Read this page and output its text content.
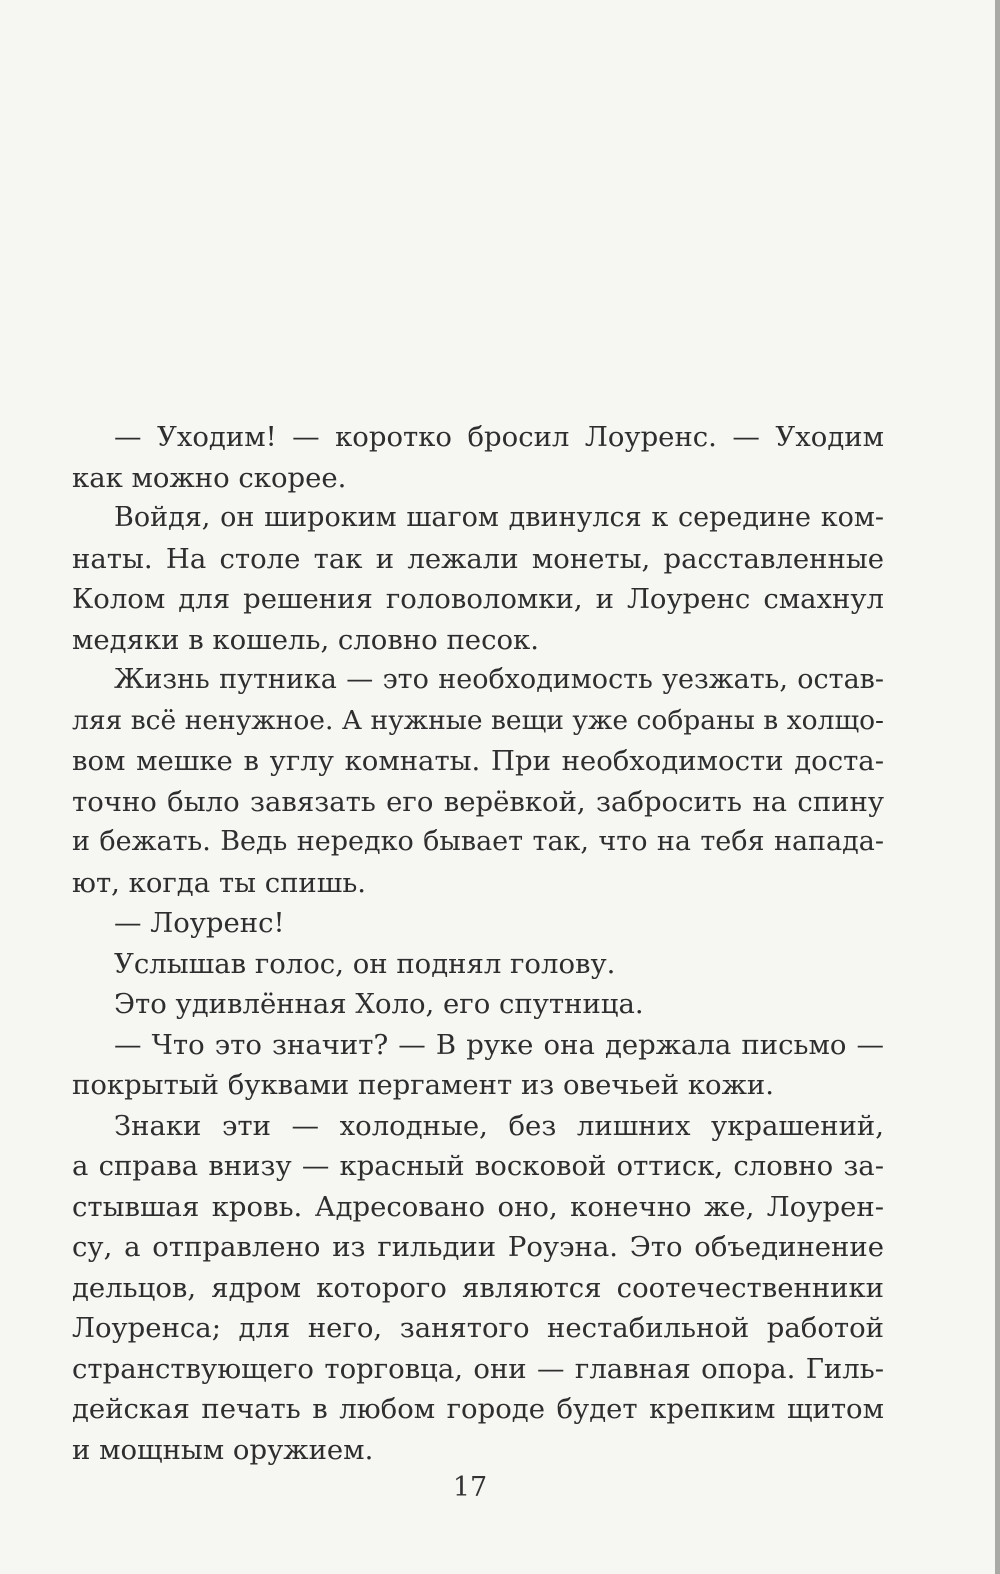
— Уходим! — коротко бросил Лоуренс. — Уходим
как можно скорее.
Войдя, он широким шагом двинулся к середине ком-
наты. На столе так и лежали монеты, расставленные
Колом для решения головоломки, и Лоуренс смахнул
медяки в кошель, словно песок.
Жизнь путника — это необходимость уезжать, остав-
ляя всё ненужное. А нужные вещи уже собраны в холщо-
вом мешке в углу комнаты. При необходимости доста-
точно было завязать его верёвкой, забросить на спину
и бежать. Ведь нередко бывает так, что на тебя напада-
ют, когда ты спишь.
— Лоуренс!
Услышав голос, он поднял голову.
Это удивлённая Холо, его спутница.
— Что это значит? — В руке она держала письмо —
покрытый буквами пергамент из овечьей кожи.
Знаки эти — холодные, без лишних украшений,
а справа внизу — красный восковой оттиск, словно за-
стывшая кровь. Адресовано оно, конечно же, Лоурен-
су, а отправлено из гильдии Роуэна. Это объединение
дельцов, ядром которого являются соотечественники
Лоуренса; для него, занятого нестабильной работой
странствующего торговца, они — главная опора. Гиль-
дейская печать в любом городе будет крепким щитом
и мощным оружием.
17
